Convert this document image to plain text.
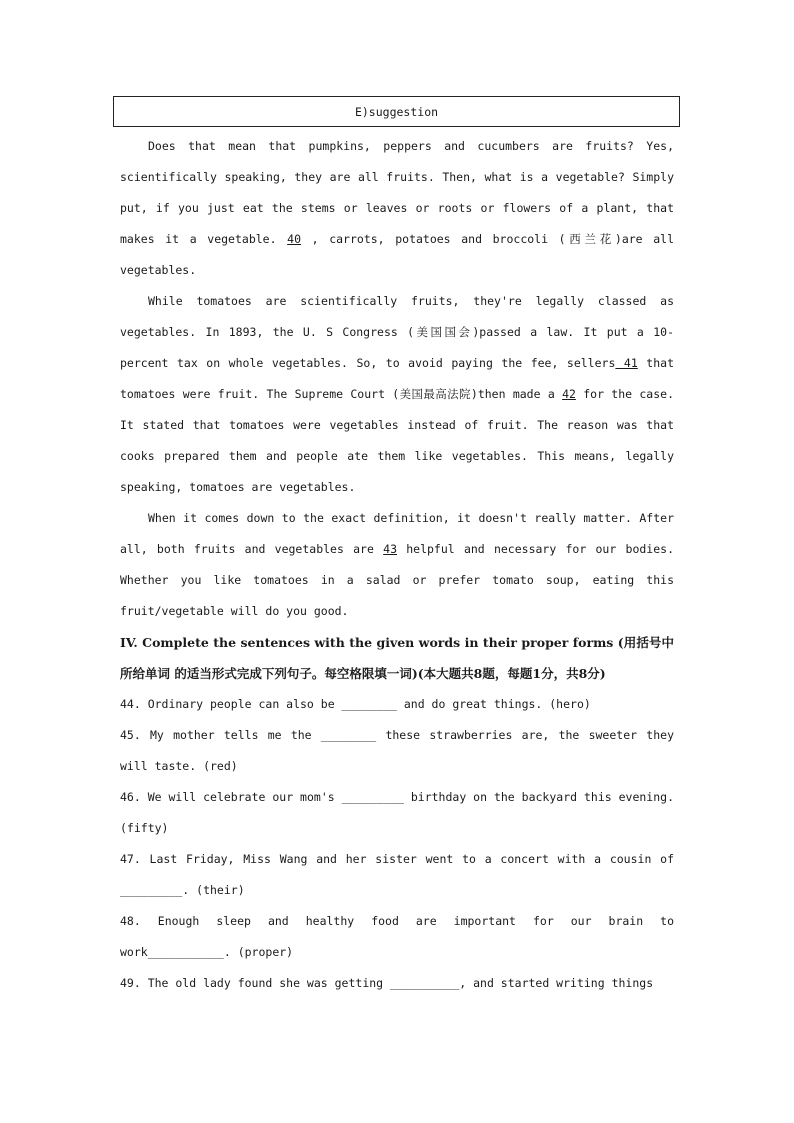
E)suggestion

Does that mean that pumpkins, peppers and cucumbers are fruits? Yes, scientifically speaking, they are all fruits. Then, what is a vegetable? Simply put, if you just eat the stems or leaves or roots or flowers of a plant, that makes it a vegetable. 40 , carrots, potatoes and broccoli (西兰花)are all vegetables.

While tomatoes are scientifically fruits, they're legally classed as vegetables. In 1893, the U. S Congress (美国国会)passed a law. It put a 10-percent tax on whole vegetables. So, to avoid paying the fee, sellers 41 that tomatoes were fruit. The Supreme Court (美国最高法院)then made a 42 for the case. It stated that tomatoes were vegetables instead of fruit. The reason was that cooks prepared them and people ate them like vegetables. This means, legally speaking, tomatoes are vegetables.

When it comes down to the exact definition, it doesn't really matter. After all, both fruits and vegetables are 43 helpful and necessary for our bodies. Whether you like tomatoes in a salad or prefer tomato soup, eating this fruit/vegetable will do you good.

IV. Complete the sentences with the given words in their proper forms (用括号中所给单词 的适当形式完成下列句子。每空格限填一词)(本大题共8题，每题1分，共8分)

44. Ordinary people can also be ________ and do great things. (hero)

45. My mother tells me the ________ these strawberries are, the sweeter they will taste. (red)

46. We will celebrate our mom's _________ birthday on the backyard this evening. (fifty)

47. Last Friday, Miss Wang and her sister went to a concert with a cousin of _________. (their)

48. Enough sleep and healthy food are important for our brain to work___________. (proper)

49. The old lady found she was getting __________, and started writing things
